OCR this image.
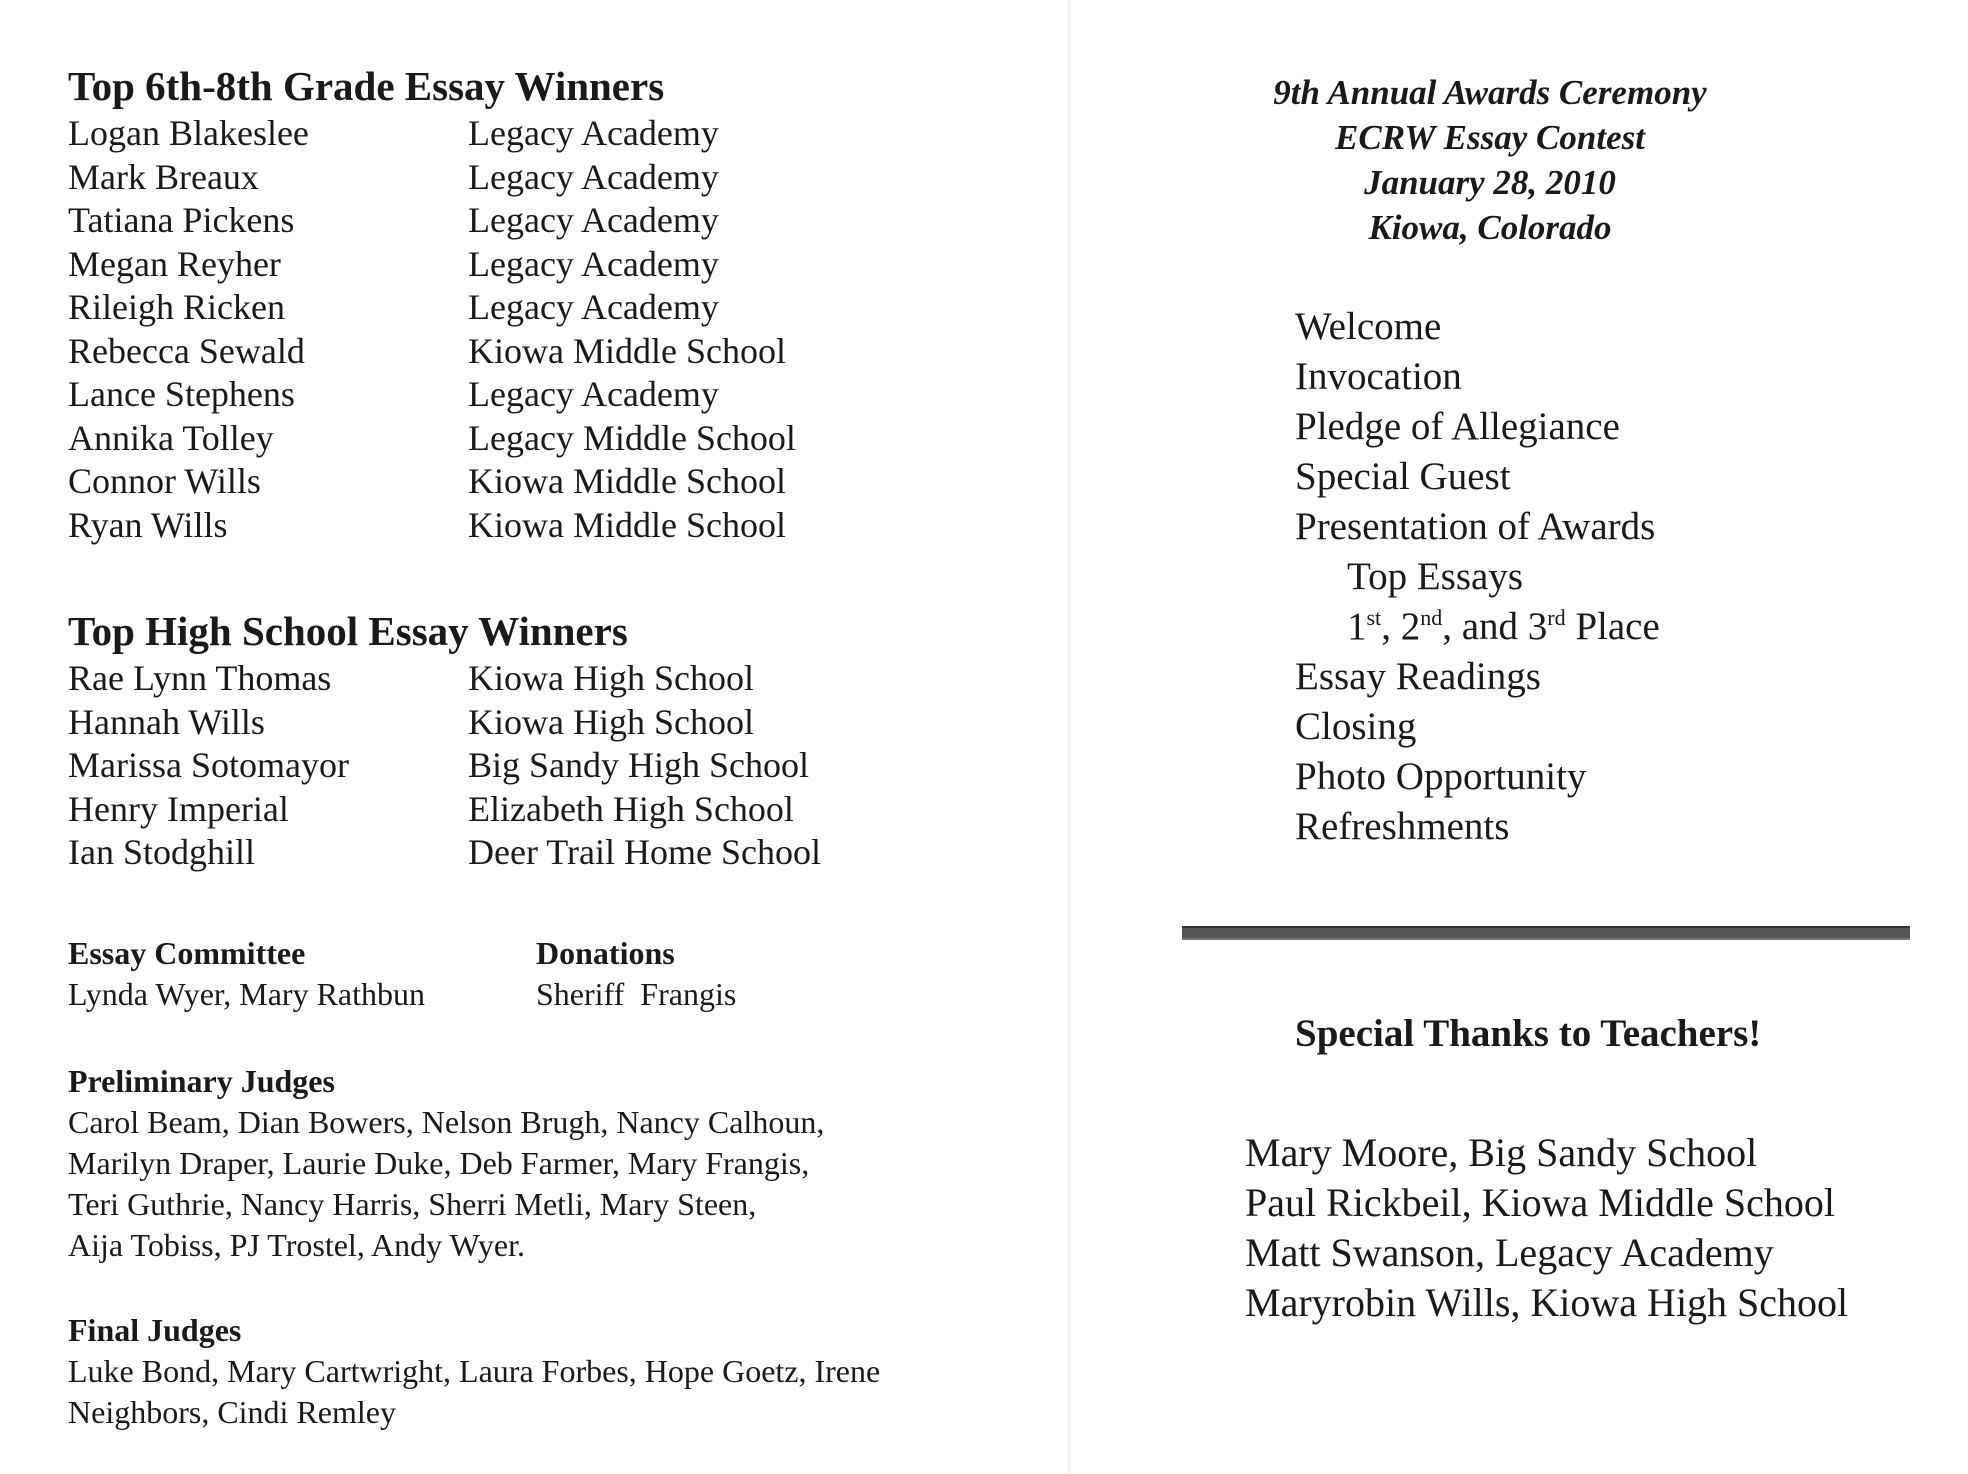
Top 6th-8th Grade Essay Winners
Logan Blakeslee	Legacy Academy
Mark Breaux	Legacy Academy
Tatiana Pickens	Legacy Academy
Megan Reyher	Legacy Academy
Rileigh Ricken	Legacy Academy
Rebecca Sewald	Kiowa Middle School
Lance Stephens	Legacy Academy
Annika Tolley	Legacy Middle School
Connor Wills	Kiowa Middle School
Ryan Wills	Kiowa Middle School
Top High School Essay Winners
Rae Lynn Thomas	Kiowa High School
Hannah Wills	Kiowa High School
Marissa Sotomayor	Big Sandy High School
Henry Imperial	Elizabeth High School
Ian Stodghill	Deer Trail Home School
Essay Committee
Lynda Wyer, Mary Rathbun
Donations
Sheriff  Frangis
Preliminary Judges
Carol Beam, Dian Bowers, Nelson Brugh, Nancy Calhoun,
Marilyn Draper, Laurie Duke, Deb Farmer, Mary Frangis,
Teri Guthrie, Nancy Harris, Sherri Metli, Mary Steen,
Aija Tobiss, PJ Trostel, Andy Wyer.
Final Judges
Luke Bond, Mary Cartwright, Laura Forbes, Hope Goetz, Irene
Neighbors, Cindi Remley
9th Annual Awards Ceremony
ECRW Essay Contest
January 28, 2010
Kiowa, Colorado
Welcome
Invocation
Pledge of Allegiance
Special Guest
Presentation of Awards
Top Essays
1st, 2nd, and 3rd Place
Essay Readings
Closing
Photo Opportunity
Refreshments
Special Thanks to Teachers!
Mary Moore, Big Sandy School
Paul Rickbeil, Kiowa Middle School
Matt Swanson, Legacy Academy
Maryrobin Wills, Kiowa High School
